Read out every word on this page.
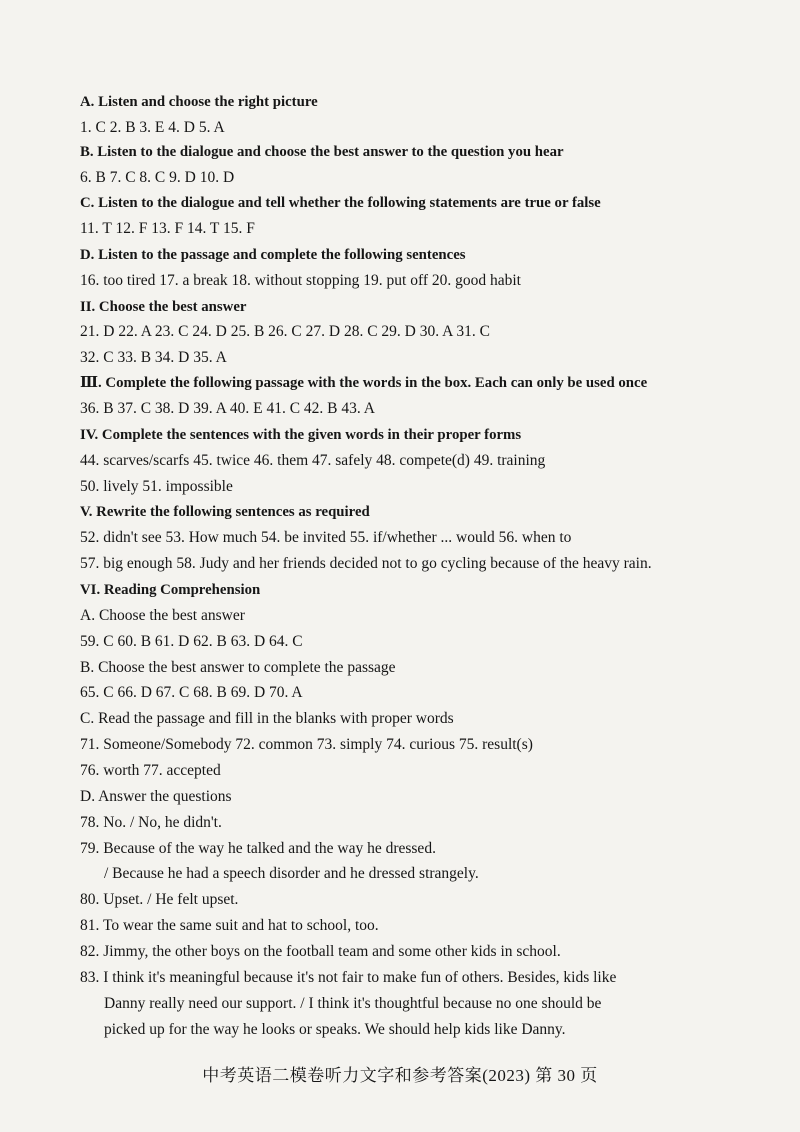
A. Listen and choose the right picture
1. C 2. B 3. E 4. D 5. A
B. Listen to the dialogue and choose the best answer to the question you hear
6. B 7. C 8. C 9. D 10. D
C. Listen to the dialogue and tell whether the following statements are true or false
11. T 12. F 13. F 14. T 15. F
D. Listen to the passage and complete the following sentences
16. too tired 17. a break 18. without stopping 19. put off 20. good habit
II. Choose the best answer
21. D 22. A 23. C 24. D 25. B 26. C 27. D 28. C 29. D 30. A 31. C
32. C 33. B 34. D 35. A
Ⅲ. Complete the following passage with the words in the box. Each can only be used once
36. B 37. C 38. D 39. A 40. E 41. C 42. B 43. A
IV. Complete the sentences with the given words in their proper forms
44. scarves/scarfs 45. twice 46. them 47. safely 48. compete(d) 49. training
50. lively 51. impossible
V. Rewrite the following sentences as required
52. didn't see 53. How much 54. be invited 55. if/whether ... would 56. when to
57. big enough 58. Judy and her friends decided not to go cycling because of the heavy rain.
VI. Reading Comprehension
A. Choose the best answer
59. C 60. B 61. D 62. B 63. D 64. C
B. Choose the best answer to complete the passage
65. C 66. D 67. C 68. B 69. D 70. A
C. Read the passage and fill in the blanks with proper words
71. Someone/Somebody 72. common 73. simply 74. curious 75. result(s)
76. worth 77. accepted
D. Answer the questions
78. No. / No, he didn't.
79. Because of the way he talked and the way he dressed.
/ Because he had a speech disorder and he dressed strangely.
80. Upset. / He felt upset.
81. To wear the same suit and hat to school, too.
82. Jimmy, the other boys on the football team and some other kids in school.
83. I think it's meaningful because it's not fair to make fun of others. Besides, kids like
Danny really need our support. / I think it's thoughtful because no one should be
picked up for the way he looks or speaks. We should help kids like Danny.
中考英语二模卷听力文字和参考答案(2023) 第 30 页
